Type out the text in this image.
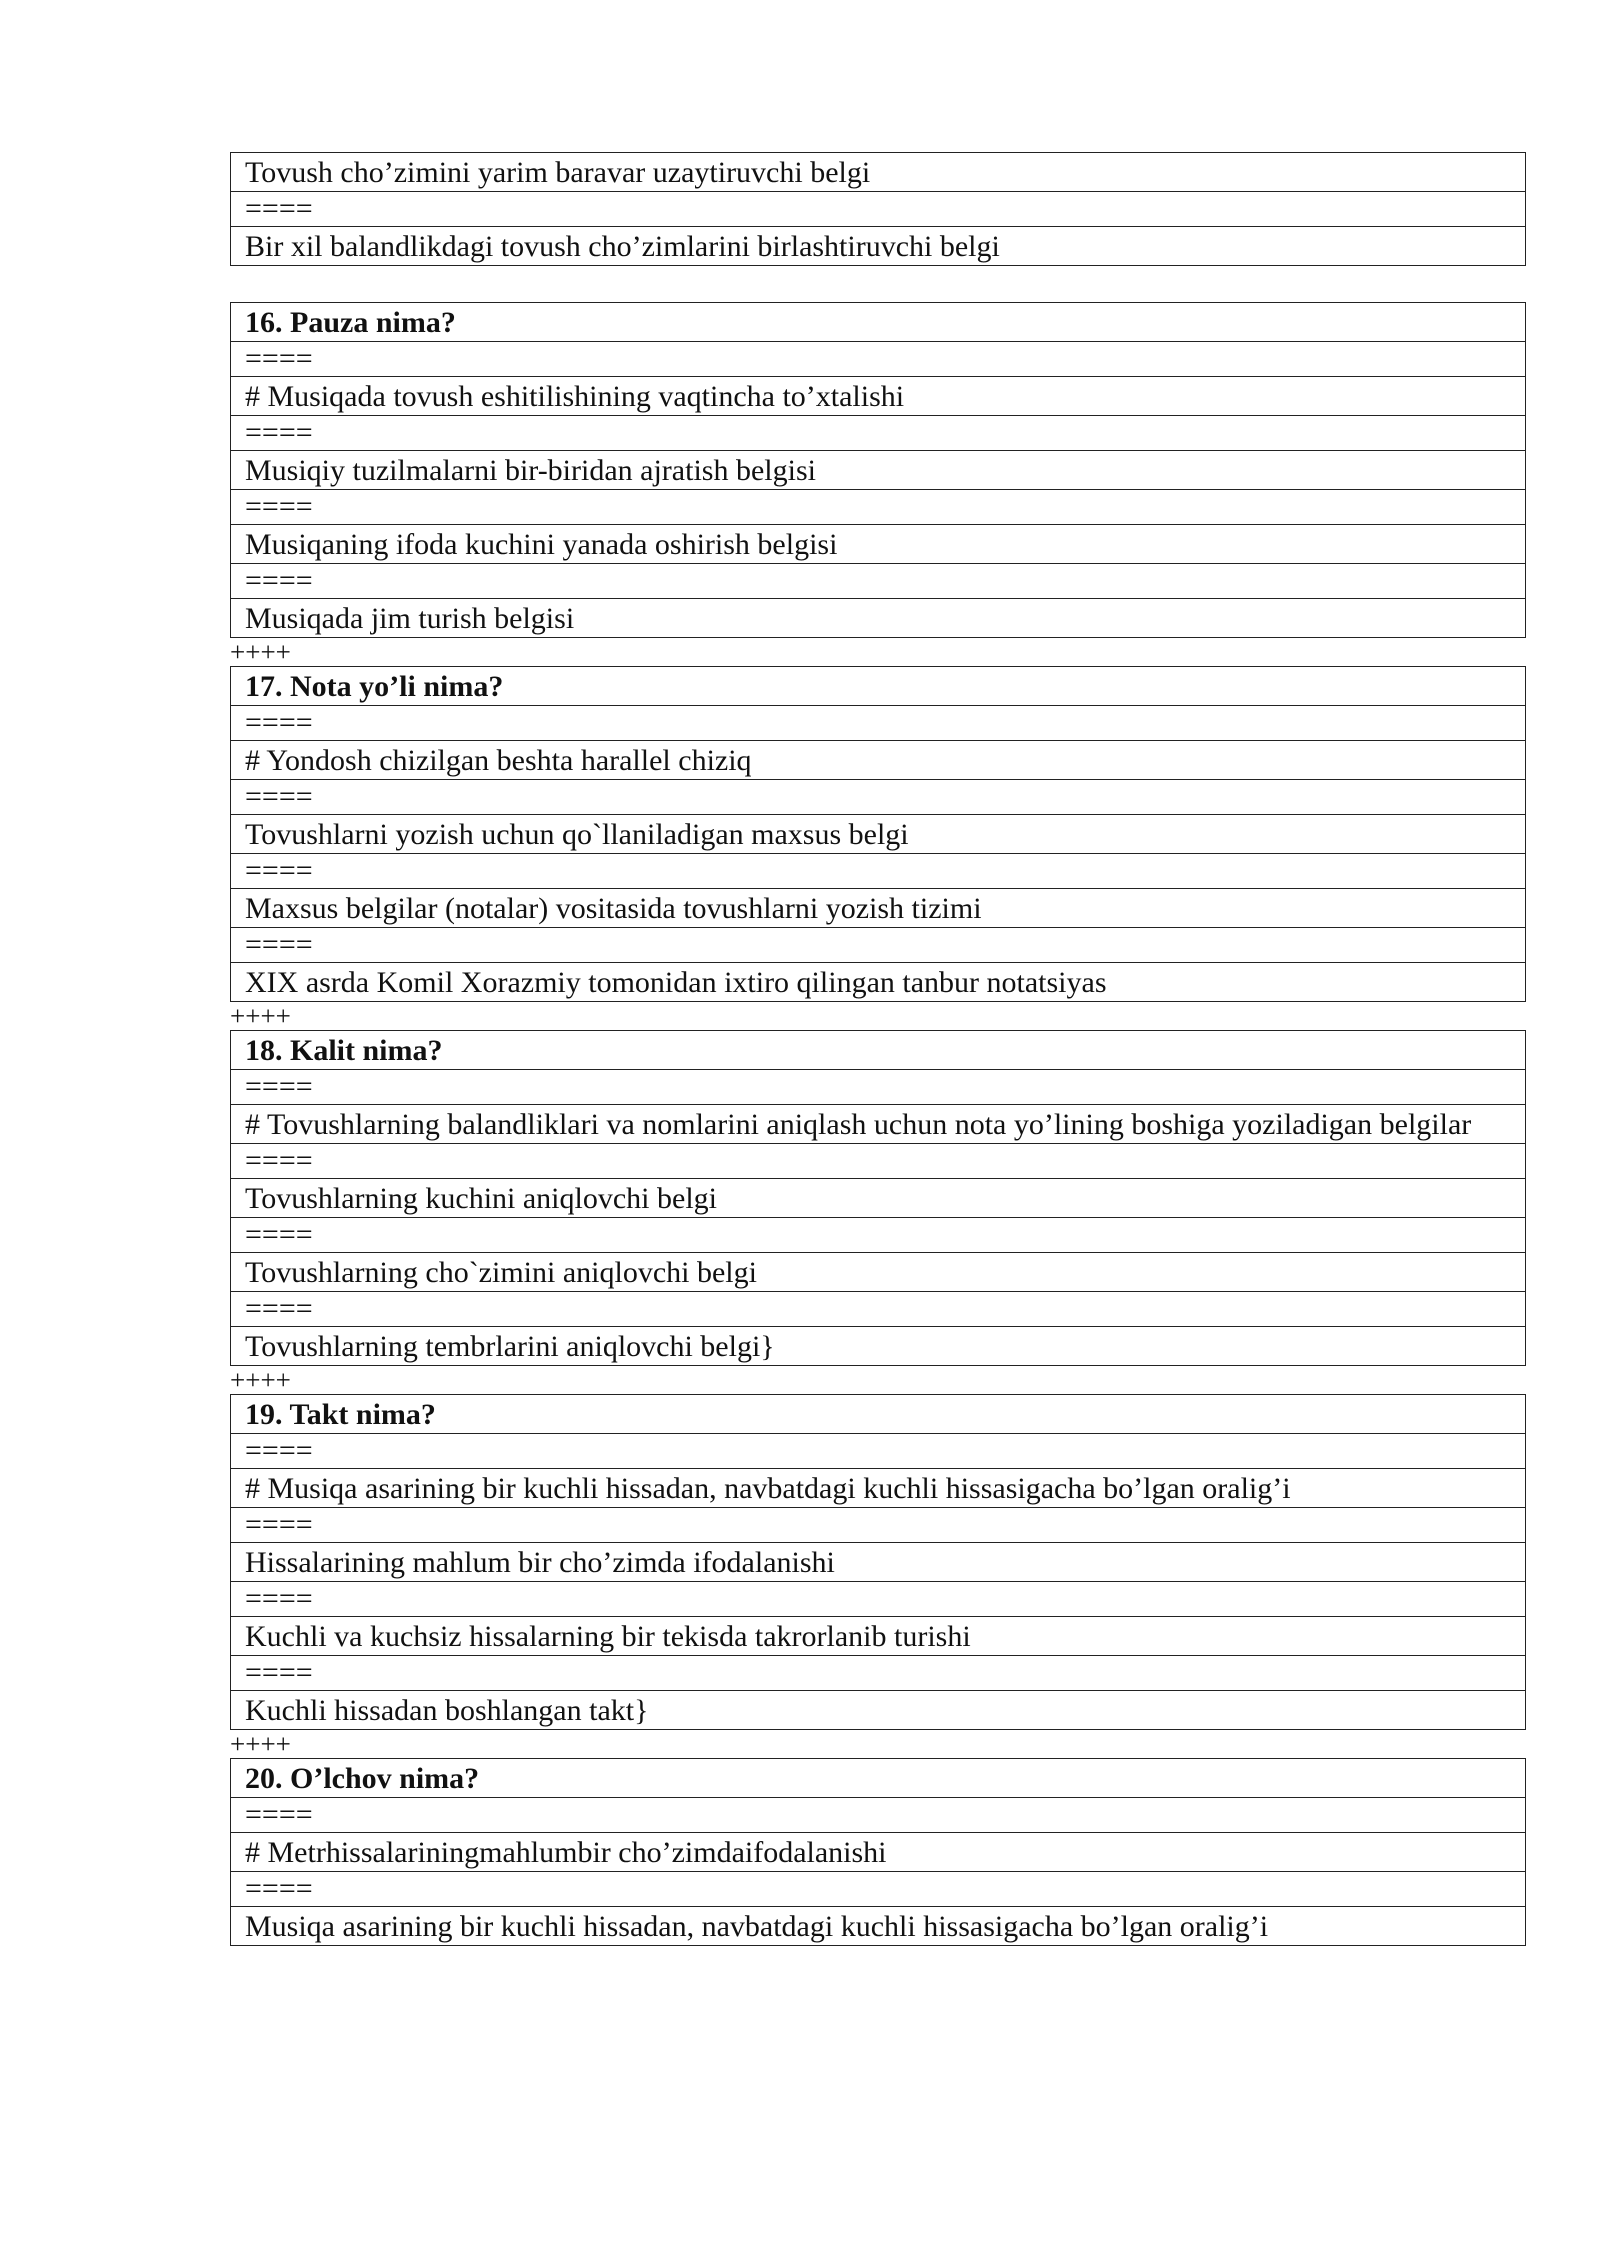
Tovush cho’zimini yarim baravar uzaytiruvchi belgi
====
Bir xil balandlikdagi tovush cho’zimlarini birlashtiruvchi belgi
16. Pauza nima?
====
# Musiqada tovush eshitilishining vaqtincha to’xtalishi
====
Musiqiy tuzilmalarni bir-biridan ajratish belgisi
====
Musiqaning ifoda kuchini yanada oshirish belgisi
====
Musiqada jim turish belgisi
++++
17. Nota yo’li nima?
====
# Yondosh chizilgan beshta harallel chiziq
====
Tovushlarni yozish uchun qo`llaniladigan maxsus belgi
====
Maxsus belgilar (notalar) vositasida tovushlarni yozish tizimi
====
XIX asrda Komil Xorazmiy tomonidan ixtiro qilingan tanbur notatsiyas
++++
18. Kalit nima?
====
# Tovushlarning balandliklari va nomlarini aniqlash uchun nota yo’lining boshiga yoziladigan belgilar
====
Tovushlarning kuchini aniqlovchi belgi
====
Tovushlarning cho`zimini aniqlovchi belgi
====
Tovushlarning tembrlarini aniqlovchi belgi}
++++
19. Takt nima?
====
# Musiqa asarining bir kuchli hissadan, navbatdagi kuchli hissasigacha bo’lgan oralig’i
====
Hissalarining mahlum bir cho’zimda ifodalanishi
====
Kuchli va kuchsiz hissalarning bir tekisda takrorlanib turishi
====
Kuchli hissadan boshlangan takt}
++++
20. O’lchov nima?
====
# Metrhissalariningmahlumbir cho’zimdaifodalanishi
====
Musiqa asarining bir kuchli hissadan, navbatdagi kuchli hissasigacha bo’lgan oralig’i
